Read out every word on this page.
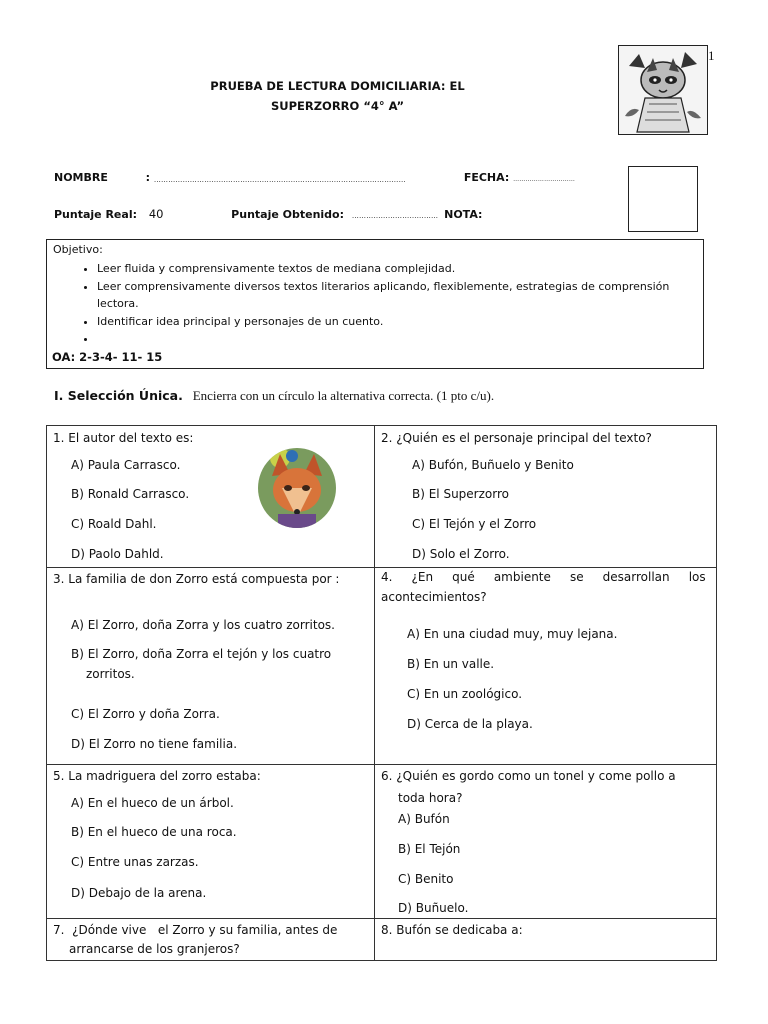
1
PRUEBA DE LECTURA DOMICILIARIA: EL
SUPERZORRO “4° A”
NOMBRE	: ……………………………………………………………………………………………	FECHA: …………………………
Puntaje Real: 40	Puntaje Obtenido: ……………………………… NOTA:
Objetivo:
• Leer fluida y comprensivamente textos de mediana complejidad.
• Leer comprensivamente diversos textos literarios aplicando, flexiblemente, estrategias de comprensión lectora.
• Identificar idea principal y personajes de un cuento.
•
OA: 2-3-4- 11- 15
I. Selección Única. Encierra con un círculo la alternativa correcta. (1 pto c/u).
1. El autor del texto es:
A) Paula Carrasco.
B) Ronald Carrasco.
C) Roald Dahl.
D) Paolo Dahld.
2. ¿Quién es el personaje principal del texto?
A) Bufón, Buñuelo y Benito
B) El Superzorro
C) El Tejón y el Zorro
D) Solo el Zorro.
3. La familia de don Zorro está compuesta por :
A) El Zorro, doña Zorra y los cuatro zorritos.
B) El Zorro, doña Zorra el tejón y los cuatro
zorritos.
C) El Zorro y doña Zorra.
D) El Zorro no tiene familia.
4.     ¿En     qué     ambiente     se     desarrollan     los
acontecimientos?
A) En una ciudad muy, muy lejana.
B) En un valle.
C) En un zoológico.
D) Cerca de la playa.
5. La madriguera del zorro estaba:
A) En el hueco de un árbol.
B) En el hueco de una roca.
C) Entre unas zarzas.
D) Debajo de la arena.
6. ¿Quién es gordo como un tonel y come pollo a
toda hora?
A) Bufón
B) El Tejón
C) Benito
D) Buñuelo.
7.  ¿Dónde vive   el Zorro y su familia, antes de
arrancarse de los granjeros?
8. Bufón se dedicaba a:
